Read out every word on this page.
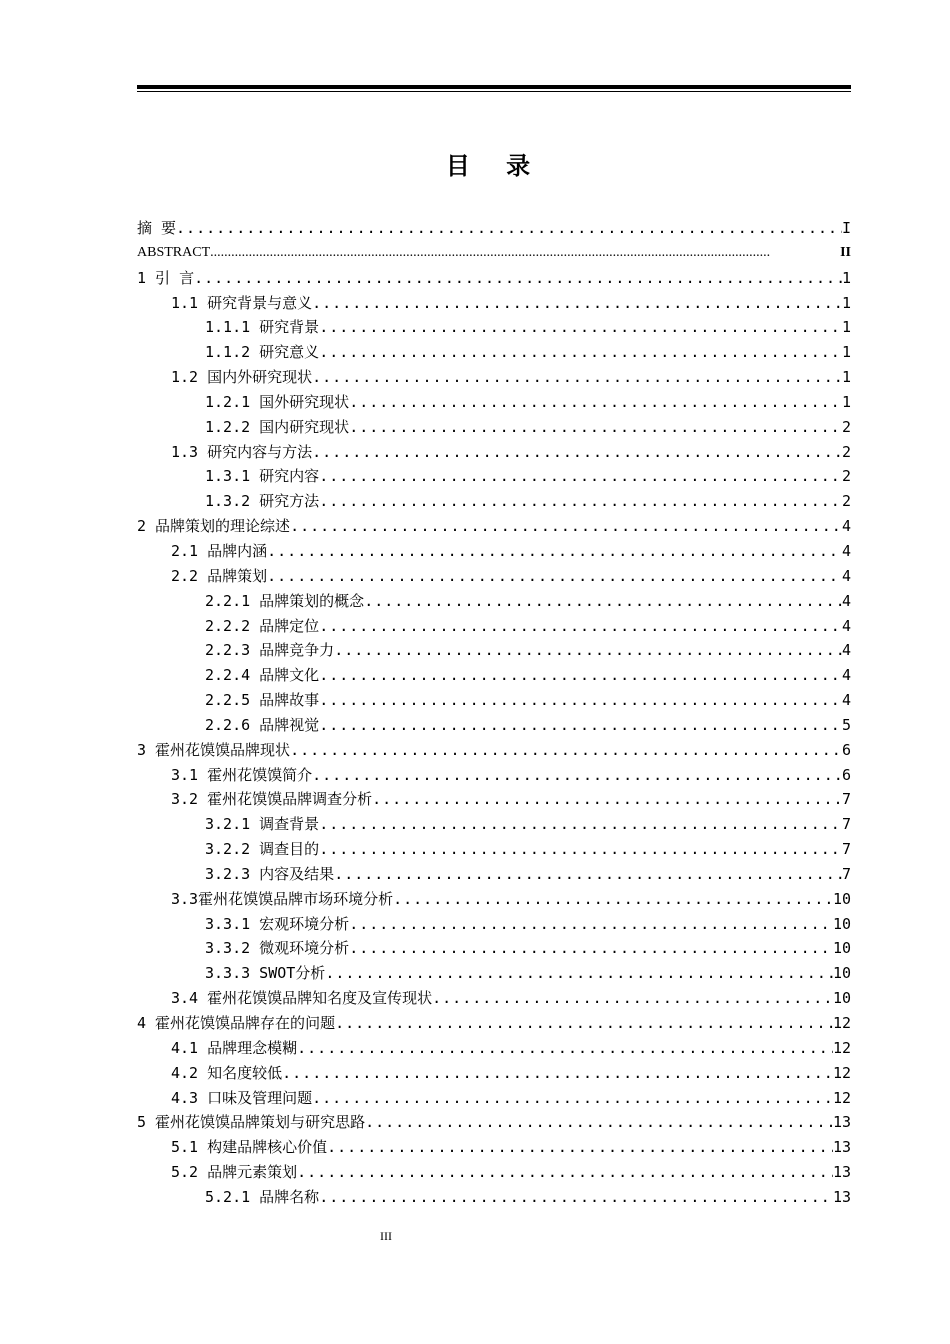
目 录
摘 要 .....	I
ABSTRACT .....	II
1 引 言 .....	1
1.1 研究背景与意义 .....	1
1.1.1 研究背景 .....	1
1.1.2 研究意义 .....	1
1.2 国内外研究现状 .....	1
1.2.1 国外研究现状 .....	1
1.2.2 国内研究现状 .....	2
1.3 研究内容与方法 .....	2
1.3.1 研究内容 .....	2
1.3.2 研究方法 .....	2
2 品牌策划的理论综述 .....	4
2.1 品牌内涵 .....	4
2.2 品牌策划 .....	4
2.2.1 品牌策划的概念 .....	4
2.2.2 品牌定位 .....	4
2.2.3 品牌竞争力 .....	4
2.2.4 品牌文化 .....	4
2.2.5 品牌故事 .....	4
2.2.6 品牌视觉 .....	5
3 霍州花馍馍品牌现状 .....	6
3.1 霍州花馍馍简介 .....	6
3.2 霍州花馍馍品牌调查分析 .....	7
3.2.1 调查背景 .....	7
3.2.2 调查目的 .....	7
3.2.3 内容及结果 .....	7
3.3霍州花馍馍品牌市场环境分析 .....	10
3.3.1 宏观环境分析 .....	10
3.3.2 微观环境分析 .....	10
3.3.3 SWOT分析 .....	10
3.4 霍州花馍馍品牌知名度及宣传现状 .....	10
4 霍州花馍馍品牌存在的问题 .....	12
4.1 品牌理念模糊 .....	12
4.2 知名度较低 .....	12
4.3 口味及管理问题 .....	12
5 霍州花馍馍品牌策划与研究思路 .....	13
5.1 构建品牌核心价值 .....	13
5.2 品牌元素策划 .....	13
5.2.1 品牌名称 .....	13
III
